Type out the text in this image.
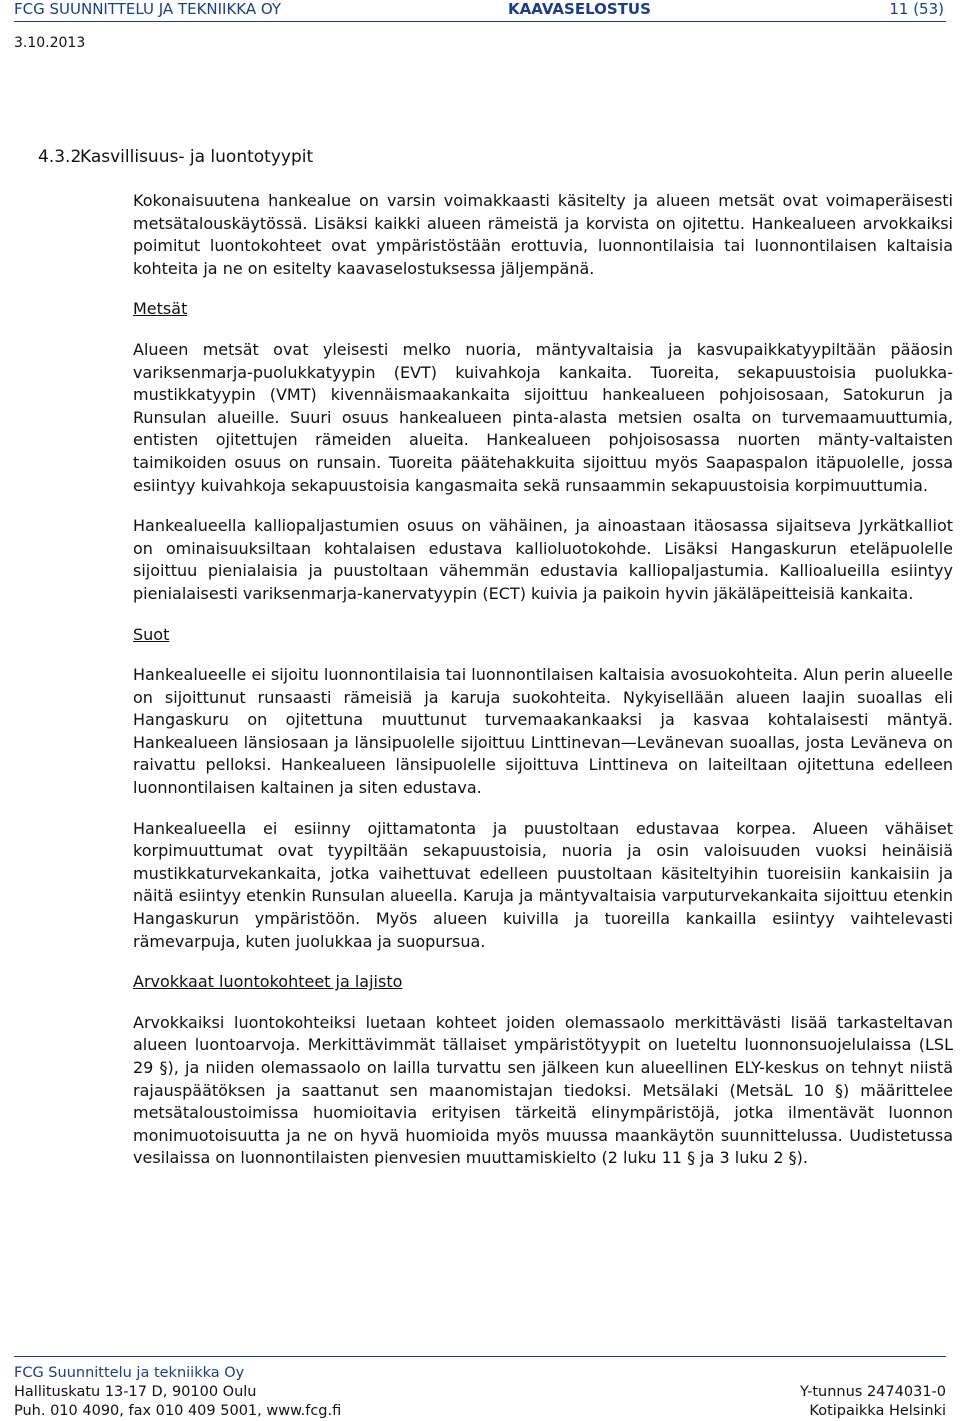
FCG SUUNNITTELU JA TEKNIIKKA OY	KAAVASELOSTUS	11 (53)
3.10.2013
4.3.2Kasvillisuus- ja luontotyypit

Kokonaisuutena hankealue on varsin voimakkaasti käsitelty ja alueen metsät ovat voimaperäisesti metsätalouskäytössä. Lisäksi kaikki alueen rämeistä ja korvista on ojitettu. Hankealueen arvokkaiksi poimitut luontokohteet ovat ympäristöstään erottuvia, luonnontilaisia tai luonnontilaisen kaltaisia kohteita ja ne on esitelty kaavaselostuksessa jäljempänä.

Metsät

Alueen metsät ovat yleisesti melko nuoria, mäntyvaltaisia ja kasvupaikkatyypiltään pääosin variksenmarja-puolukkatyypin (EVT) kuivahkoja kankaita. Tuoreita, sekapuustoisia puolukka-mustikkatyypin (VMT) kivennäismaakankaita sijoittuu hankealueen pohjoisosaan, Satokurun ja Runsulan alueille. Suuri osuus hankealueen pinta-alasta metsien osalta on turvemaamuuttumia, entisten ojitettujen rämeiden alueita. Hankealueen pohjoisosassa nuorten mänty-valtaisten taimikoiden osuus on runsain. Tuoreita päätehakkuita sijoittuu myös Saapaspalon itäpuolelle, jossa esiintyy kuivahkoja sekapuustoisia kangasmaita sekä runsaammin sekapuustoisia korpimuuttumia.

Hankealueella kalliopaljastumien osuus on vähäinen, ja ainoastaan itäosassa sijaitseva Jyrkätkalliot on ominaisuuksiltaan kohtalaisen edustava kallioluotokohde. Lisäksi Hangaskurun eteläpuolelle sijoittuu pienialaisia ja puustoltaan vähemmän edustavia kalliopaljastumia. Kallioalueilla esiintyy pienialaisesti variksenmarja-kanervatyypin (ECT) kuivia ja paikoin hyvin jäkäläpeitteisiä kankaita.

Suot

Hankealueelle ei sijoitu luonnontilaisia tai luonnontilaisen kaltaisia avosuokohteita. Alun perin alueelle on sijoittunut runsaasti rämeisiä ja karuja suokohteita. Nykyisellään alueen laajin suoallas eli Hangaskuru on ojitettuna muuttunut turvemaakankaaksi ja kasvaa kohtalaisesti mäntyä. Hankealueen länsiosaan ja länsipuolelle sijoittuu Linttinevan—Levänevan suoallas, josta Leväneva on raivattu pelloksi. Hankealueen länsipuolelle sijoittuva Linttineva on laiteiltaan ojitettuna edelleen luonnontilaisen kaltainen ja siten edustava.

Hankealueella ei esiinny ojittamatonta ja puustoltaan edustavaa korpea. Alueen vähäiset korpimuuttumat ovat tyypiltään sekapuustoisia, nuoria ja osin valoisuuden vuoksi heinäisiä mustikkaturvekankaita, jotka vaihettuvat edelleen puustoltaan käsiteltyihin tuoreisiin kankaisiin ja näitä esiintyy etenkin Runsulan alueella. Karuja ja mäntyvaltaisia varputurvekankaita sijoittuu etenkin Hangaskurun ympäristöön. Myös alueen kuivilla ja tuoreilla kankailla esiintyy vaihtelevasti rämevarpuja, kuten juolukkaa ja suopursua.

Arvokkaat luontokohteet ja lajisto

Arvokkaiksi luontokohteiksi luetaan kohteet joiden olemassaolo merkittävästi lisää tarkasteltavan alueen luontoarvoja. Merkittävimmät tällaiset ympäristötyypit on lueteltu luonnonsuojelulaissa (LSL 29 §), ja niiden olemassaolo on lailla turvattu sen jälkeen kun alueellinen ELY-keskus on tehnyt niistä rajauspäätöksen ja saattanut sen maanomistajan tiedoksi. Metsälaki (MetsäL 10 §) määrittelee metsätaloustoimissa huomioitavia erityisen tärkeitä elinympäristöjä, jotka ilmentävät luonnon monimuotoisuutta ja ne on hyvä huomioida myös muussa maankäytön suunnittelussa. Uudistetussa vesilaissa on luonnontilaisten pienvesien muuttamiskielto (2 luku 11 § ja 3 luku 2 §).

FCG Suunnittelu ja tekniikka Oy
Hallituskatu 13-17 D, 90100 Oulu	Y-tunnus 2474031-0
Puh. 010 4090, fax 010 409 5001, www.fcg.fi	Kotipaikka Helsinki
